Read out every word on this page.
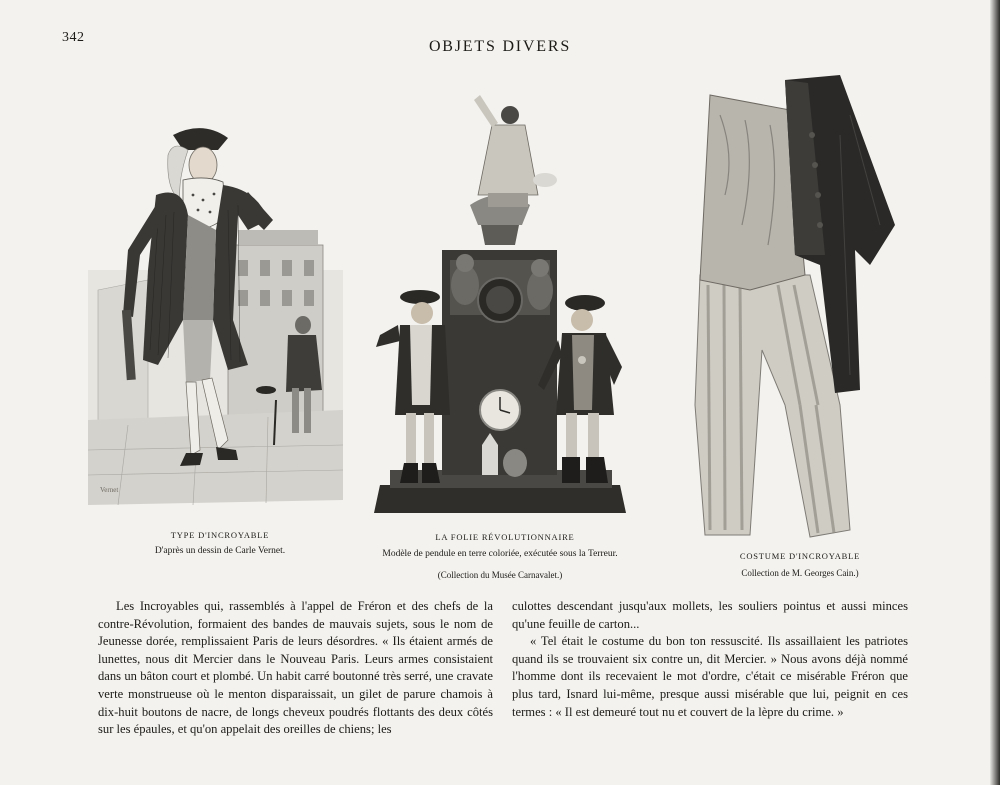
342
OBJETS DIVERS
Vernet
TYPE D'INCROYABLE
D'après un dessin de Carle Vernet.
LA FOLIE RÉVOLUTIONNAIRE
Modèle de pendule en terre coloriée, exécutée sous la Terreur.
(Collection du Musée Carnavalet.)
COSTUME D'INCROYABLE
Collection de M. Georges Cain.)

Les Incroyables qui, rassemblés à l'appel de Fréron et des chefs de la contre-Révolution, formaient des bandes de mauvais sujets, sous le nom de Jeunesse dorée, remplissaient Paris de leurs désordres. « Ils étaient armés de lunettes, nous dit Mercier dans le Nouveau Paris. Leurs armes consistaient dans un bâton court et plombé. Un habit carré boutonné très serré, une cravate verte monstrueuse où le menton disparaissait, un gilet de parure chamois à dix-huit boutons de nacre, de longs cheveux poudrés flottants des deux côtés sur les épaules, et qu'on appelait des oreilles de chiens; les

culottes descendant jusqu'aux mollets, les souliers pointus et aussi minces qu'une feuille de carton...

« Tel était le costume du bon ton ressuscité. Ils assaillaient les patriotes quand ils se trouvaient six contre un, dit Mercier. » Nous avons déjà nommé l'homme dont ils recevaient le mot d'ordre, c'était ce misérable Fréron que plus tard, Isnard lui-même, presque aussi misérable que lui, peignit en ces termes : « Il est demeuré tout nu et couvert de la lèpre du crime. »
